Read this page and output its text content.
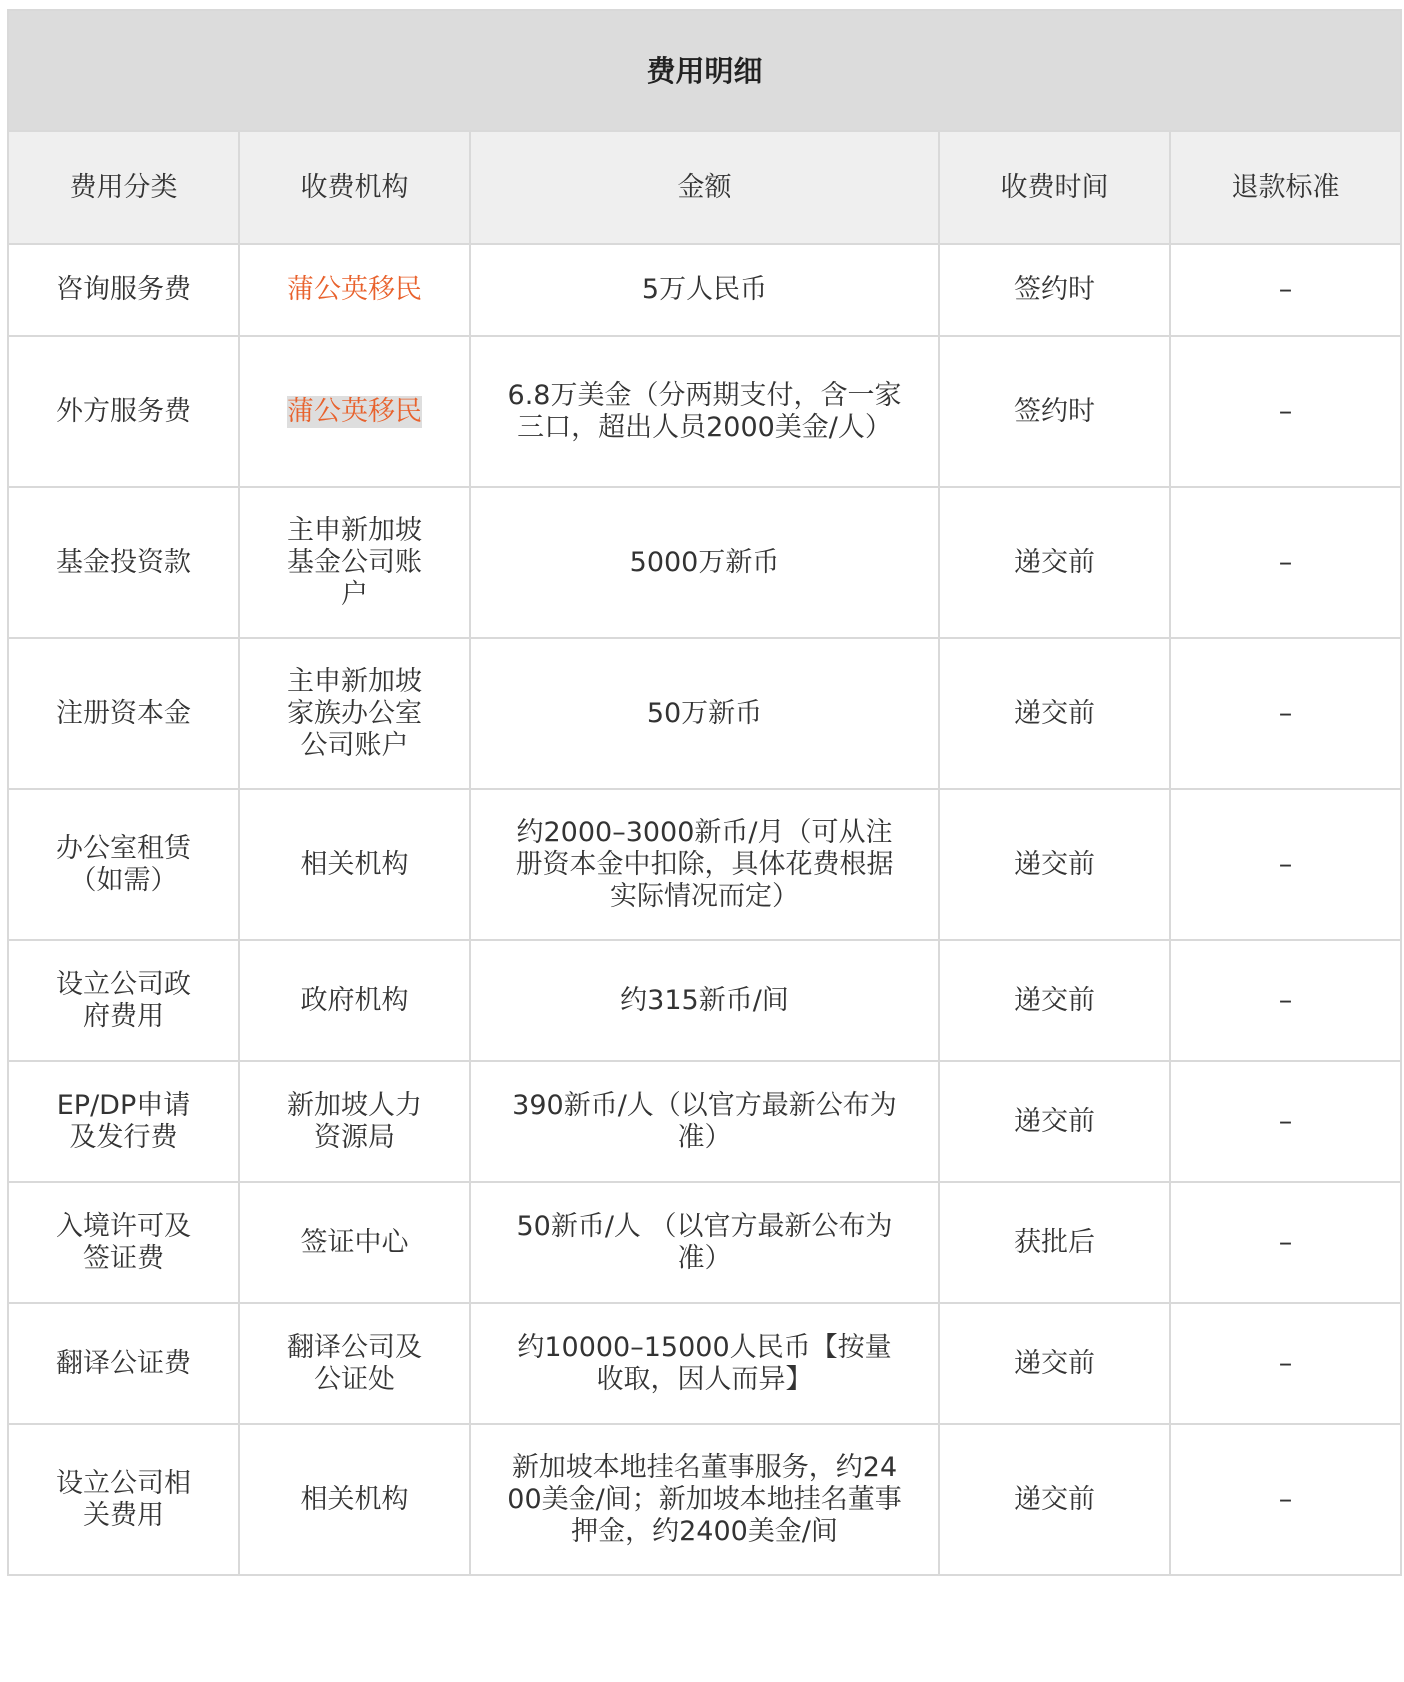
费用明细				
费用分类	收费机构	金额	收费时间	退款标准
咨询服务费	蒲公英移民	5万人民币	签约时	–
外方服务费	蒲公英移民	6.8万美金（分两期支付，含一家三口，超出人员2000美金/人）	签约时	–
基金投资款	主申新加坡基金公司账户	5000万新币	递交前	–
注册资本金	主申新加坡家族办公室公司账户	50万新币	递交前	–
办公室租赁（如需）	相关机构	约2000–3000新币/月（可从注册资本金中扣除，具体花费根据实际情况而定）	递交前	–
设立公司政府费用	政府机构	约315新币/间	递交前	–
EP/DP申请及发行费	新加坡人力资源局	390新币/人（以官方最新公布为准）	递交前	–
入境许可及签证费	签证中心	50新币/人 （以官方最新公布为准）	获批后	–
翻译公证费	翻译公司及公证处	约10000–15000人民币【按量收取，因人而异】	递交前	–
设立公司相关费用	相关机构	新加坡本地挂名董事服务，约2400美金/间；新加坡本地挂名董事押金，约2400美金/间	递交前	–
